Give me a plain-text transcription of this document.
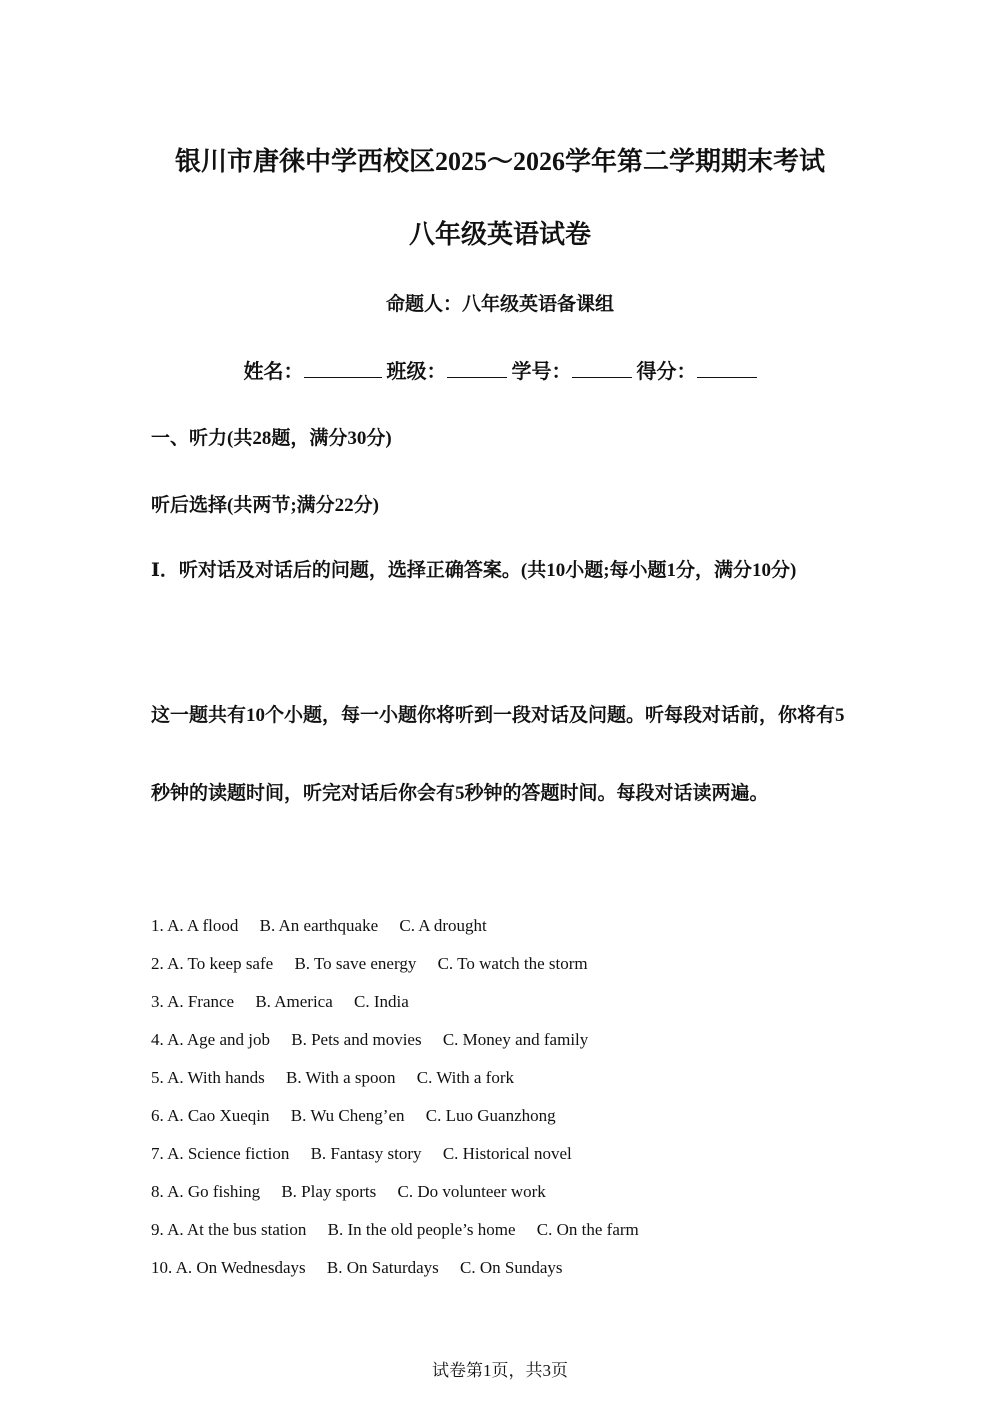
银川市唐徕中学西校区2025～2026学年第二学期期末考试
八年级英语试卷
命题人：八年级英语备课组
姓名：	班级：	学号：	得分：
一、听力(共28题，满分30分)
听后选择(共两节;满分22分)
Ⅰ．听对话及对话后的问题，选择正确答案。(共10小题;每小题1分，满分10分)
这一题共有10个小题，每一小题你将听到一段对话及问题。听每段对话前，你将有5秒钟的读题时间，听完对话后你会有5秒钟的答题时间。每段对话读两遍。
1. A. A flood B. An earthquake C. A drought
2. A. To keep safe B. To save energy C. To watch the storm
3. A. France B. America C. India
4. A. Age and job B. Pets and movies C. Money and family
5. A. With hands B. With a spoon C. With a fork
6. A. Cao Xueqin B. Wu Cheng’en C. Luo Guanzhong
7. A. Science fiction B. Fantasy story C. Historical novel
8. A. Go fishing B. Play sports C. Do volunteer work
9. A. At the bus station B. In the old people’s home C. On the farm
10. A. On Wednesdays B. On Saturdays C. On Sundays
试卷第1页，共3页
